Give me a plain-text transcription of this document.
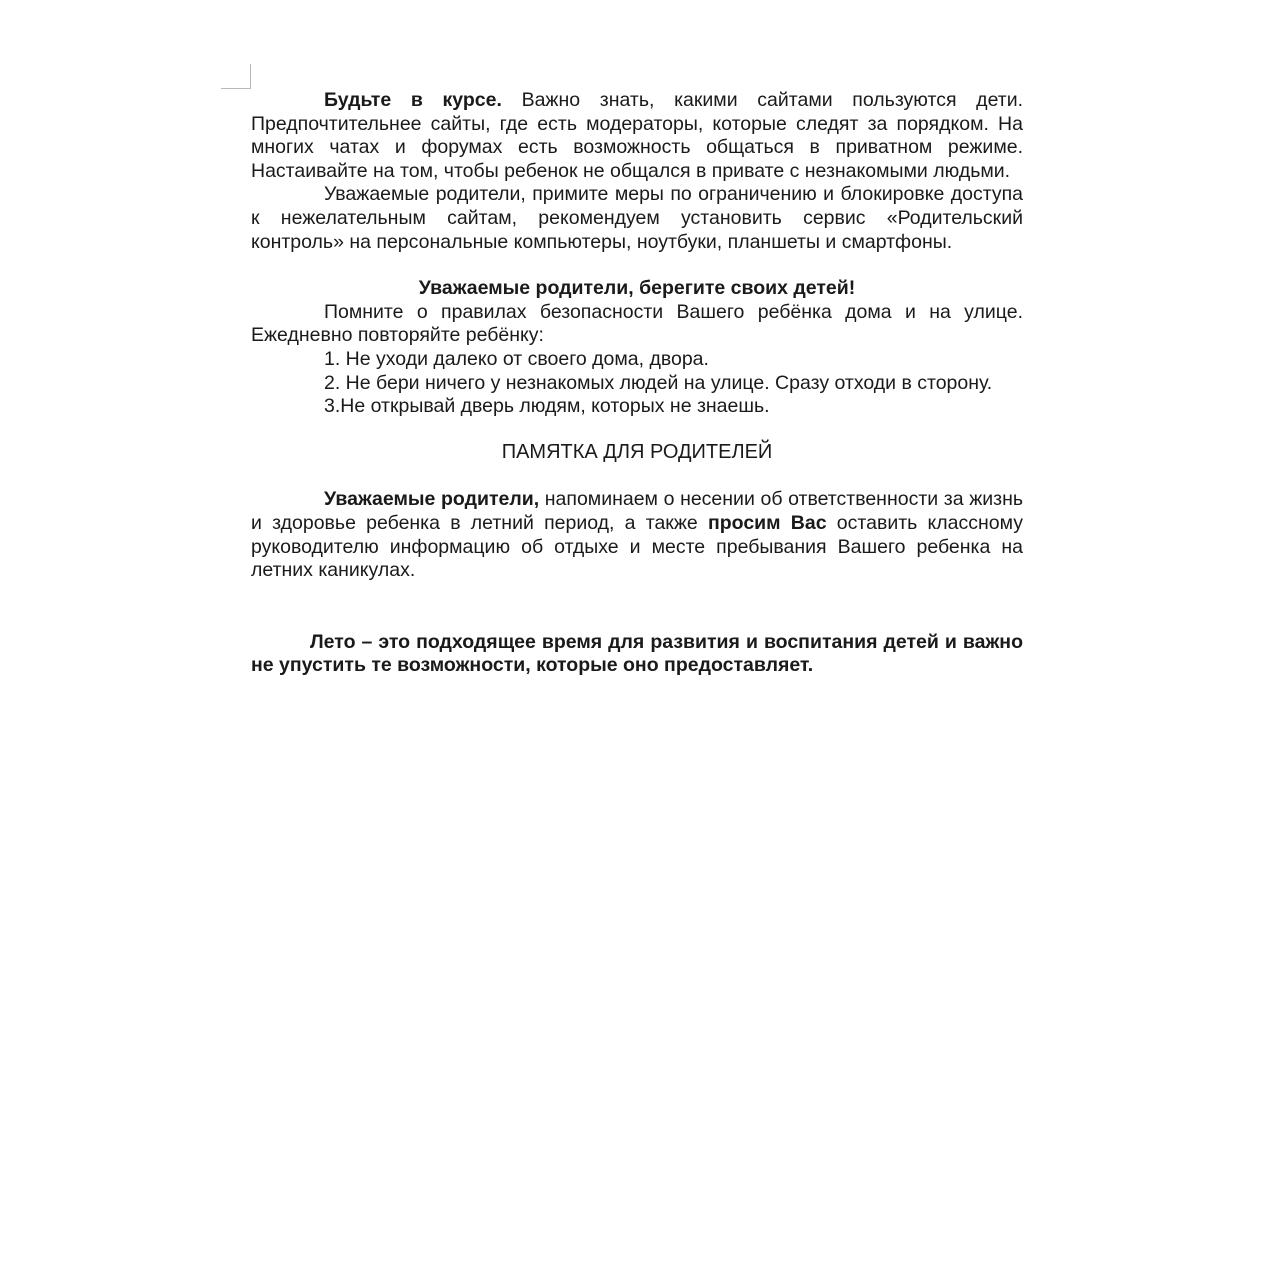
Будьте в курсе. Важно знать, какими сайтами пользуются дети. Предпочтительнее сайты, где есть модераторы, которые следят за порядком. На многих чатах и форумах есть возможность общаться в приватном режиме. Настаивайте на том, чтобы ребенок не общался в привате с незнакомыми людьми.

Уважаемые родители, примите меры по ограничению и блокировке доступа к нежелательным сайтам, рекомендуем установить сервис «Родительский контроль» на персональные компьютеры, ноутбуки, планшеты и смартфоны.

Уважаемые родители, берегите своих детей!

Помните о правилах безопасности Вашего ребёнка дома и на улице. Ежедневно повторяйте ребёнку:

1. Не уходи далеко от своего дома, двора.

2. Не бери ничего у незнакомых людей на улице. Сразу отходи в сторону.

3.Не открывай дверь людям, которых не знаешь.

ПАМЯТКА ДЛЯ РОДИТЕЛЕЙ

Уважаемые родители, напоминаем о несении об ответственности за жизнь и здоровье ребенка в летний период, а также просим Вас оставить классному руководителю информацию об отдыхе и месте пребывания Вашего ребенка на летних каникулах.

Лето – это подходящее время для развития и воспитания детей и важно не упустить те возможности, которые оно предоставляет.
